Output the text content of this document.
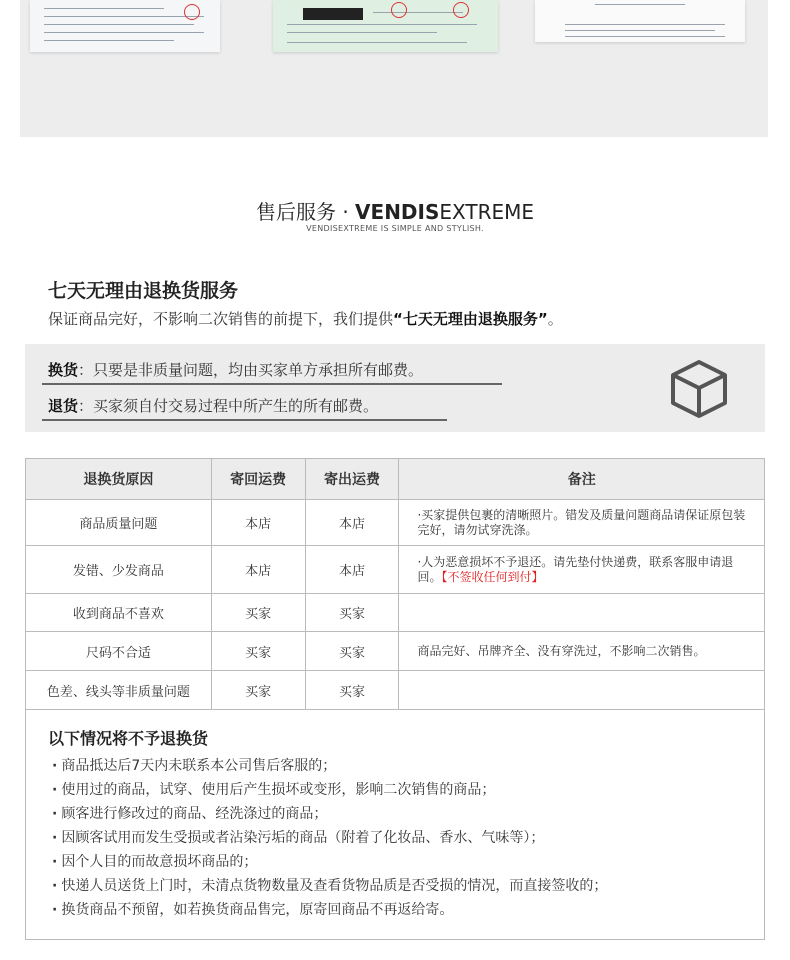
售后服务 · VENDISEXTREME
VENDISEXTREME IS SIMPLE AND STYLISH.
七天无理由退换货服务
保证商品完好，不影响二次销售的前提下，我们提供“七天无理由退换服务”。
换货：只要是非质量问题，均由买家单方承担所有邮费。
退货：买家须自付交易过程中所产生的所有邮费。
退换货原因	寄回运费	寄出运费	备注
商品质量问题	本店	本店	·买家提供包裹的清晰照片。错发及质量问题商品请保证原包装完好，请勿试穿洗涤。
发错、少发商品	本店	本店	·人为恶意损坏不予退还。请先垫付快递费，联系客服申请退回。【不签收任何到付】
收到商品不喜欢	买家	买家	
尺码不合适	买家	买家	商品完好、吊牌齐全、没有穿洗过，不影响二次销售。
色差、线头等非质量问题	买家	买家	
以下情况将不予退换货
· 商品抵达后7天内未联系本公司售后客服的；
· 使用过的商品，试穿、使用后产生损坏或变形，影响二次销售的商品；
· 顾客进行修改过的商品、经洗涤过的商品；
· 因顾客试用而发生受损或者沾染污垢的商品（附着了化妆品、香水、气味等）；
· 因个人目的而故意损坏商品的；
· 快递人员送货上门时，未清点货物数量及查看货物品质是否受损的情况，而直接签收的；
· 换货商品不预留，如若换货商品售完，原寄回商品不再返给寄。
